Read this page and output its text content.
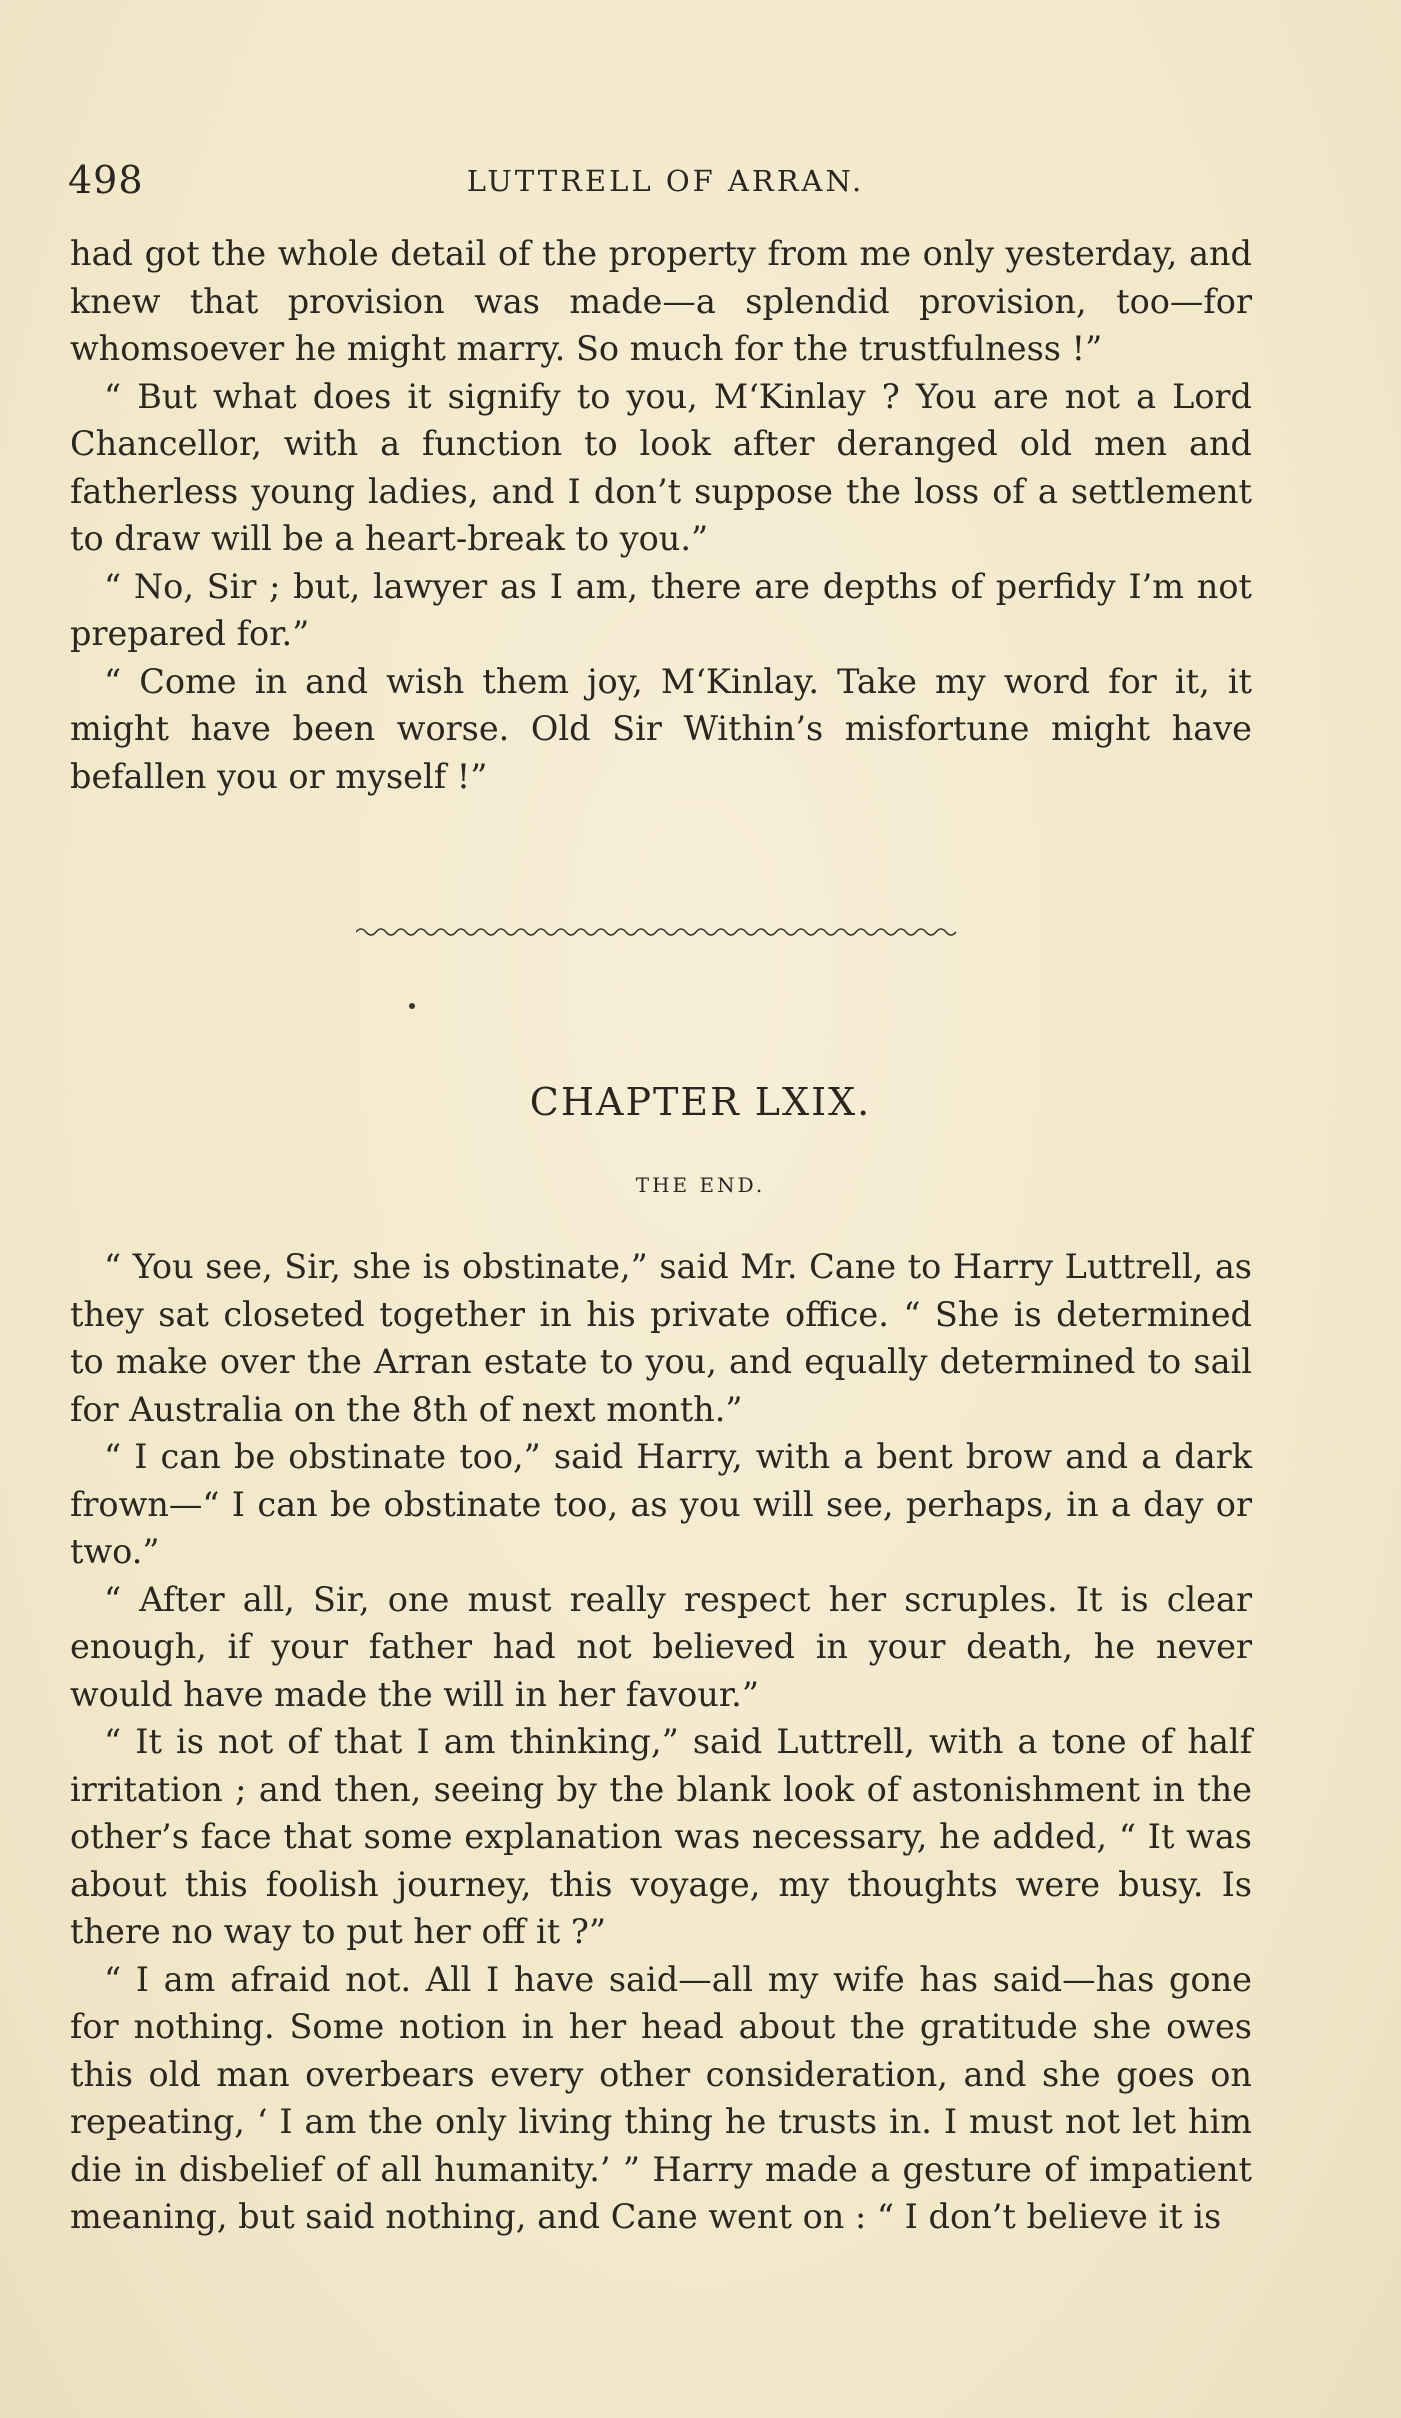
498	LUTTRELL OF ARRAN.

had got the whole detail of the property from me only yesterday, and knew that provision was made—a splendid provision, too—for whomsoever he might marry. So much for the trustfulness !”

“ But what does it signify to you, M‘Kinlay ? You are not a Lord Chancellor, with a function to look after deranged old men and fatherless young ladies, and I don’t suppose the loss of a settlement to draw will be a heart-break to you.”

“ No, Sir ; but, lawyer as I am, there are depths of perfidy I’m not prepared for.”

“ Come in and wish them joy, M‘Kinlay. Take my word for it, it might have been worse. Old Sir Within’s misfortune might have befallen you or myself !”

CHAPTER LXIX.
THE END.

“ You see, Sir, she is obstinate,” said Mr. Cane to Harry Luttrell, as they sat closeted together in his private office. “ She is determined to make over the Arran estate to you, and equally determined to sail for Australia on the 8th of next month.”

“ I can be obstinate too,” said Harry, with a bent brow and a dark frown—“ I can be obstinate too, as you will see, perhaps, in a day or two.”

“ After all, Sir, one must really respect her scruples. It is clear enough, if your father had not believed in your death, he never would have made the will in her favour.”

“ It is not of that I am thinking,” said Luttrell, with a tone of half irritation ; and then, seeing by the blank look of astonishment in the other’s face that some explanation was necessary, he added, “ It was about this foolish journey, this voyage, my thoughts were busy. Is there no way to put her off it ?”

“ I am afraid not. All I have said—all my wife has said—has gone for nothing. Some notion in her head about the gratitude she owes this old man overbears every other consideration, and she goes on repeating, ‘ I am the only living thing he trusts in. I must not let him die in disbelief of all humanity.’ ” Harry made a gesture of impatient meaning, but said nothing, and Cane went on : “ I don’t believe it is
